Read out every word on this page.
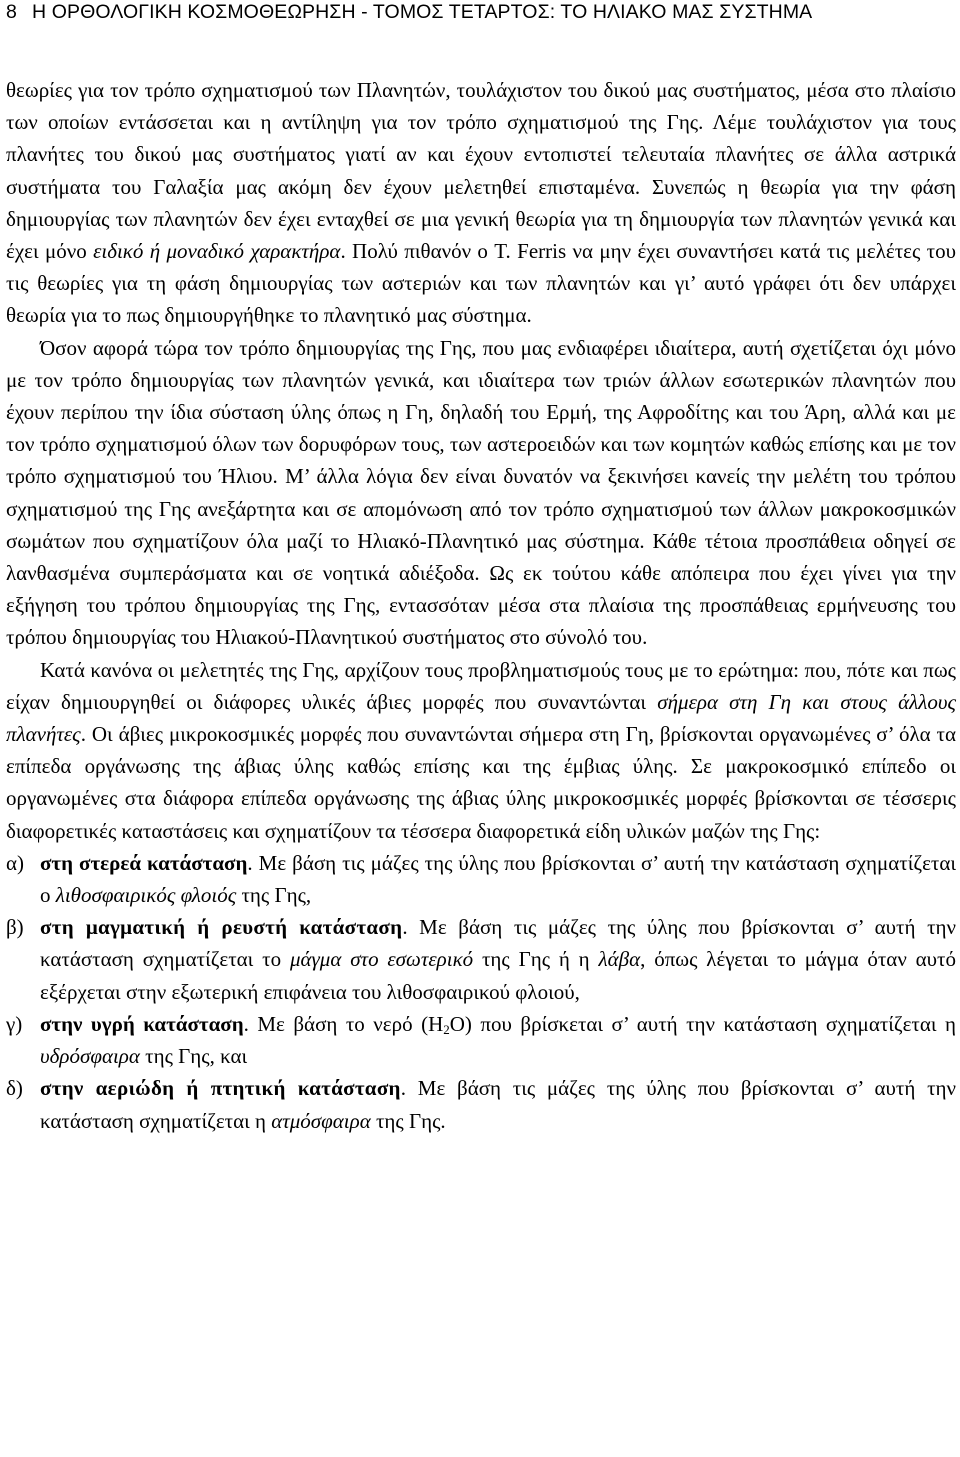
8 Η ΟΡΘΟΛΟΓΙΚΗ ΚΟΣΜΟΘΕΩΡΗΣΗ - ΤΟΜΟΣ ΤΕΤΑΡΤΟΣ: ΤΟ ΗΛΙΑΚΟ ΜΑΣ ΣΥΣΤΗΜΑ

θεωρίες για τον τρόπο σχηματισμού των Πλανητών, τουλάχιστον του δικού μας συστήματος, μέσα στο πλαίσιο των οποίων εντάσσεται και η αντίληψη για τον τρόπο σχηματισμού της Γης. Λέμε τουλάχιστον για τους πλανήτες του δικού μας συστήματος γιατί αν και έχουν εντοπιστεί τελευταία πλανήτες σε άλλα αστρικά συστήματα του Γαλαξία μας ακόμη δεν έχουν μελετηθεί επισταμένα. Συνεπώς η θεωρία για την φάση δημιουργίας των πλανητών δεν έχει ενταχθεί σε μια γενική θεωρία για τη δημιουργία των πλανητών γενικά και έχει μόνο ειδικό ή μοναδικό χαρακτήρα. Πολύ πιθανόν ο T. Ferris να μην έχει συναντήσει κατά τις μελέτες του τις θεωρίες για τη φάση δημιουργίας των αστεριών και των πλανητών και γι’ αυτό γράφει ότι δεν υπάρχει θεωρία για το πως δημιουργήθηκε το πλανητικό μας σύστημα.

Όσον αφορά τώρα τον τρόπο δημιουργίας της Γης, που μας ενδιαφέρει ιδιαίτερα, αυτή σχετίζεται όχι μόνο με τον τρόπο δημιουργίας των πλανητών γενικά, και ιδιαίτερα των τριών άλλων εσωτερικών πλανητών που έχουν περίπου την ίδια σύσταση ύλης όπως η Γη, δηλαδή του Ερμή, της Αφροδίτης και του Άρη, αλλά και με τον τρόπο σχηματισμού όλων των δορυφόρων τους, των αστεροειδών και των κομητών καθώς επίσης και με τον τρόπο σχηματισμού του Ήλιου. Μ’ άλλα λόγια δεν είναι δυνατόν να ξεκινήσει κανείς την μελέτη του τρόπου σχηματισμού της Γης ανεξάρτητα και σε απομόνωση από τον τρόπο σχηματισμού των άλλων μακροκοσμικών σωμάτων που σχηματίζουν όλα μαζί το Ηλιακό-Πλανητικό μας σύστημα. Κάθε τέτοια προσπάθεια οδηγεί σε λανθασμένα συμπεράσματα και σε νοητικά αδιέξοδα. Ως εκ τούτου κάθε απόπειρα που έχει γίνει για την εξήγηση του τρόπου δημιουργίας της Γης, εντασσόταν μέσα στα πλαίσια της προσπάθειας ερμήνευσης του τρόπου δημιουργίας του Ηλιακού-Πλανητικού συστήματος στο σύνολό του.

Κατά κανόνα οι μελετητές της Γης, αρχίζουν τους προβληματισμούς τους με το ερώτημα: που, πότε και πως είχαν δημιουργηθεί οι διάφορες υλικές άβιες μορφές που συναντώνται σήμερα στη Γη και στους άλλους πλανήτες. Οι άβιες μικροκοσμικές μορφές που συναντώνται σήμερα στη Γη, βρίσκονται οργανωμένες σ’ όλα τα επίπεδα οργάνωσης της άβιας ύλης καθώς επίσης και της έμβιας ύλης. Σε μακροκοσμικό επίπεδο οι οργανωμένες στα διάφορα επίπεδα οργάνωσης της άβιας ύλης μικροκοσμικές μορφές βρίσκονται σε τέσσερις διαφορετικές καταστάσεις και σχηματίζουν τα τέσσερα διαφορετικά είδη υλικών μαζών της Γης:

α) στη στερεά κατάσταση. Με βάση τις μάζες της ύλης που βρίσκονται σ’ αυτή την κατάσταση σχηματίζεται ο λιθοσφαιρικός φλοιός της Γης,
β) στη μαγματική ή ρευστή κατάσταση. Με βάση τις μάζες της ύλης που βρίσκονται σ’ αυτή την κατάσταση σχηματίζεται το μάγμα στο εσωτερικό της Γης ή η λάβα, όπως λέγεται το μάγμα όταν αυτό εξέρχεται στην εξωτερική επιφάνεια του λιθοσφαιρικού φλοιού,
γ) στην υγρή κατάσταση. Με βάση το νερό $(H_2O)$ που βρίσκεται σ’ αυτή την κατάσταση σχηματίζεται η υδρόσφαιρα της Γης, και
δ) στην αεριώδη ή πτητική κατάσταση. Με βάση τις μάζες της ύλης που βρίσκονται σ’ αυτή την κατάσταση σχηματίζεται η ατμόσφαιρα της Γης.
